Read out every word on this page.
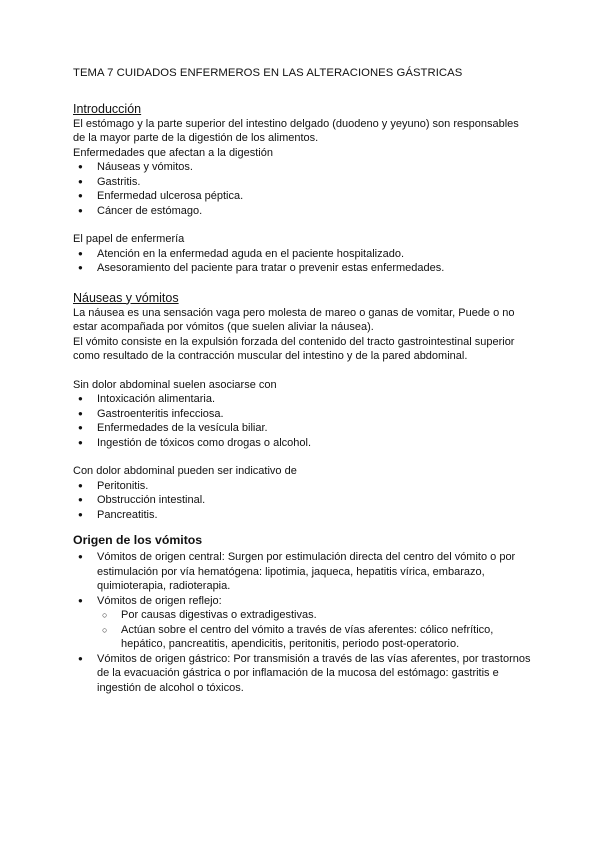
TEMA 7 CUIDADOS ENFERMEROS EN LAS ALTERACIONES GÁSTRICAS
Introducción

El estómago y la parte superior del intestino delgado (duodeno y yeyuno) son responsables de la mayor parte de la digestión de los alimentos.

Enfermedades que afectan a la digestión

● Náuseas y vómitos.
● Gastritis.
● Enfermedad ulcerosa péptica.
● Cáncer de estómago.

El papel de enfermería

● Atención en la enfermedad aguda en el paciente hospitalizado.
● Asesoramiento del paciente para tratar o prevenir estas enfermedades.
Náuseas y vómitos

La náusea es una sensación vaga pero molesta de mareo o ganas de vomitar, Puede o no estar acompañada por vómitos (que suelen aliviar la náusea).

El vómito consiste en la expulsión forzada del contenido del tracto gastrointestinal superior como resultado de la contracción muscular del intestino y de la pared abdominal.

Sin dolor abdominal suelen asociarse con

● Intoxicación alimentaria.
● Gastroenteritis infecciosa.
● Enfermedades de la vesícula biliar.
● Ingestión de tóxicos como drogas o alcohol.

Con dolor abdominal pueden ser indicativo de

● Peritonitis.
● Obstrucción intestinal.
● Pancreatitis.
Origen de los vómitos
● Vómitos de origen central: Surgen por estimulación directa del centro del vómito o por estimulación por vía hematógena: lipotimia, jaqueca, hepatitis vírica, embarazo, quimioterapia, radioterapia.
● Vómitos de origen reflejo:
○ Por causas digestivas o extradigestivas.
○ Actúan sobre el centro del vómito a través de vías aferentes: cólico nefrítico, hepático, pancreatitis, apendicitis, peritonitis, periodo post-operatorio.
● Vómitos de origen gástrico: Por transmisión a través de las vías aferentes, por trastornos de la evacuación gástrica o por inflamación de la mucosa del estómago: gastritis e ingestión de alcohol o tóxicos.
